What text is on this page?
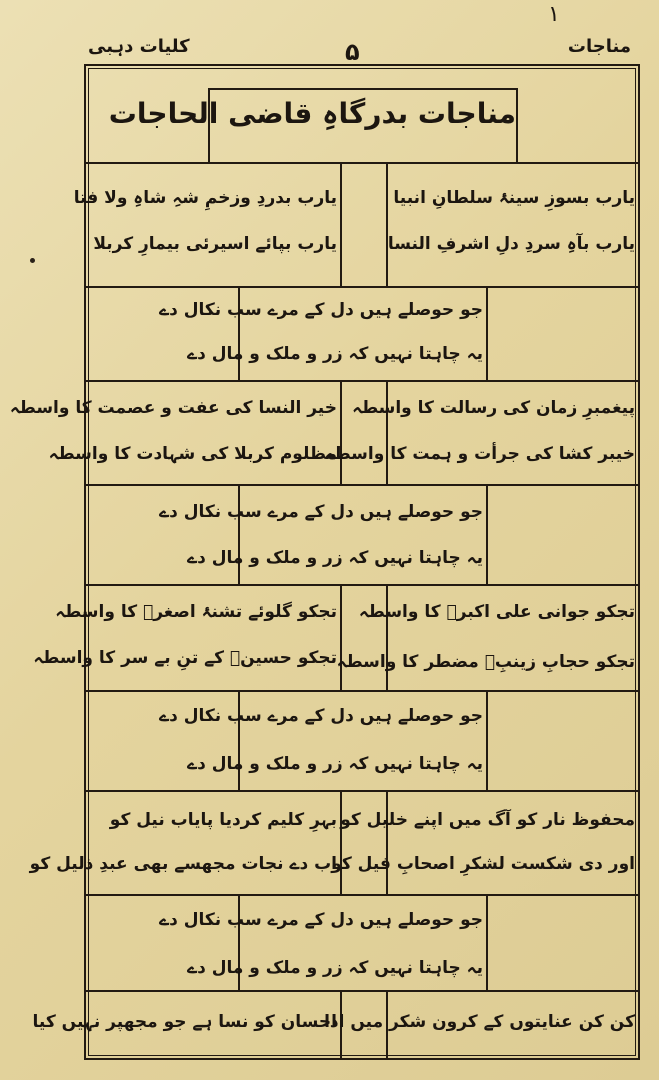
کلیات دہبی	۵	مناجات
۱
مناجات بدرگاہِ قاضی الحاجات
یارب بسوزِ سینۂ سلطانِ انبیا
یارب بآہِ سردِ دلِ اشرفِ النسا
یارب بدردِ وزخمِ شہِ شاہِ ولا فتا
یارب بپائے اسیرئی بیمارِ کربلا
جو حوصلے ہیں دل کے مرے سب نکال دے
یہ چاہتا نہیں کہ زر و ملک و مال دے
پیغمبرِ زمان کی رسالت کا واسطہ
خیبر کشا کی جرأت و ہمت کا واسطہ
خیر النسا کی عفت و عصمت کا واسطہ
مظلوم کربلا کی شہادت کا واسطہ
جو حوصلے ہیں دل کے مرے سب نکال دے
یہ چاہتا نہیں کہ زر و ملک و مال دے
تجکو جوانی علی اکبرؑ کا واسطہ
تجکو حجابِ زینبِؑ مضطر کا واسطہ
تجکو گلوئے تشنۂ اصغرؑ کا واسطہ
تجکو حسینؑ کے تنِ بے سر کا واسطہ
جو حوصلے ہیں دل کے مرے سب نکال دے
یہ چاہتا نہیں کہ زر و ملک و مال دے
محفوظ نار کو آگ میں اپنے خلیل کو
اور دی شکست لشکرِ اصحابِ فیل کو
بہرِ کلیم کردیا پایاب نیل کو
اب دے نجات مجھسے بھی عبدِ ذلیل کو
جو حوصلے ہیں دل کے مرے سب نکال دے
یہ چاہتا نہیں کہ زر و ملک و مال دے
کن کن عنایتوں کے کرون شکر میں ادا
احسان کو نسا ہے جو مجھپر نہیں کیا
